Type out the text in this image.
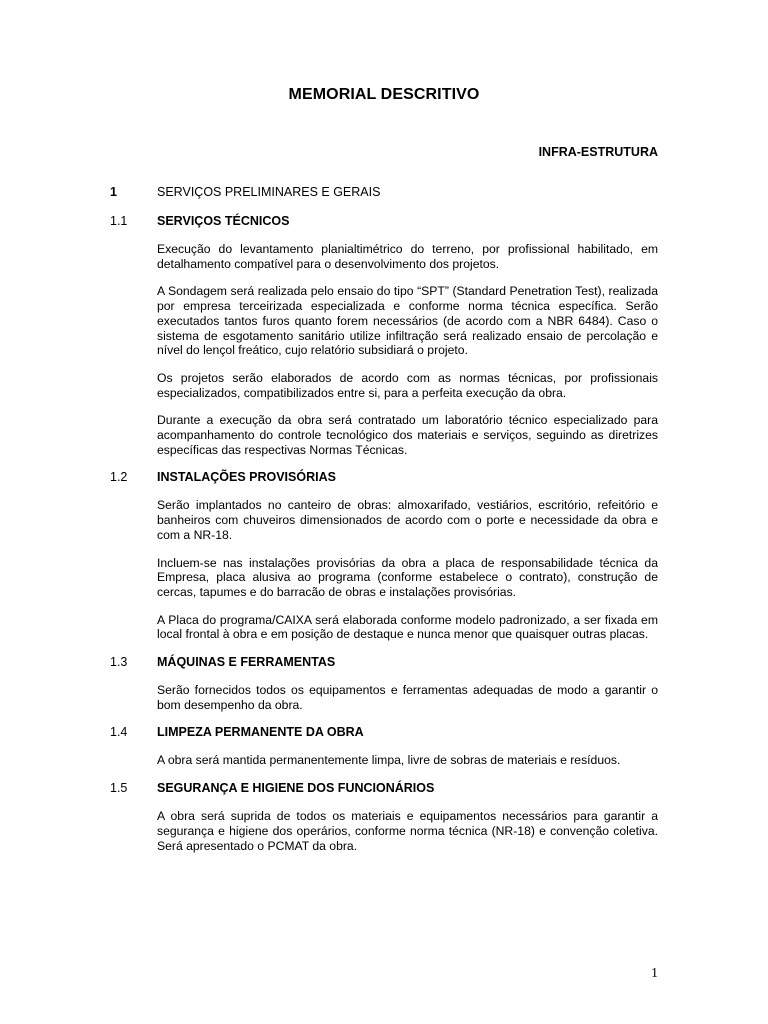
MEMORIAL DESCRITIVO
INFRA-ESTRUTURA
1	SERVIÇOS PRELIMINARES E GERAIS
1.1	SERVIÇOS TÉCNICOS

Execução do levantamento planialtimétrico do terreno, por profissional habilitado, em detalhamento compatível para o desenvolvimento dos projetos.

A Sondagem será realizada pelo ensaio do tipo “SPT” (Standard Penetration Test), realizada por empresa terceirizada especializada e conforme norma técnica específica. Serão executados tantos furos quanto forem necessários (de acordo com a NBR 6484). Caso o sistema de esgotamento sanitário utilize infiltração será realizado ensaio de percolação e nível do lençol freático, cujo relatório subsidiará o projeto.

Os projetos serão elaborados de acordo com as normas técnicas, por profissionais especializados, compatibilizados entre si, para a perfeita execução da obra.

Durante a execução da obra será contratado um laboratório técnico especializado para acompanhamento do controle tecnológico dos materiais e serviços, seguindo as diretrizes específicas das respectivas Normas Técnicas.

1.2	INSTALAÇÕES PROVISÓRIAS

Serão implantados no canteiro de obras: almoxarifado, vestiários, escritório, refeitório e banheiros com chuveiros dimensionados de acordo com o porte e necessidade da obra e com a NR-18.

Incluem-se nas instalações provisórias da obra a placa de responsabilidade técnica da Empresa, placa alusiva ao programa (conforme estabelece o contrato), construção de cercas, tapumes e do barracão de obras e instalações provisórias.

A Placa do programa/CAIXA será elaborada conforme modelo padronizado, a ser fixada em local frontal à obra e em posição de destaque e nunca menor que quaisquer outras placas.

1.3	MÁQUINAS E FERRAMENTAS

Serão fornecidos todos os equipamentos e ferramentas adequadas de modo a garantir o bom desempenho da obra.

1.4	LIMPEZA PERMANENTE DA OBRA

A obra será mantida permanentemente limpa, livre de sobras de materiais e resíduos.

1.5	SEGURANÇA E HIGIENE DOS FUNCIONÁRIOS

A obra será suprida de todos os materiais e equipamentos necessários para garantir a segurança e higiene dos operários, conforme norma técnica (NR-18) e convenção coletiva. Será apresentado o PCMAT da obra.

1
